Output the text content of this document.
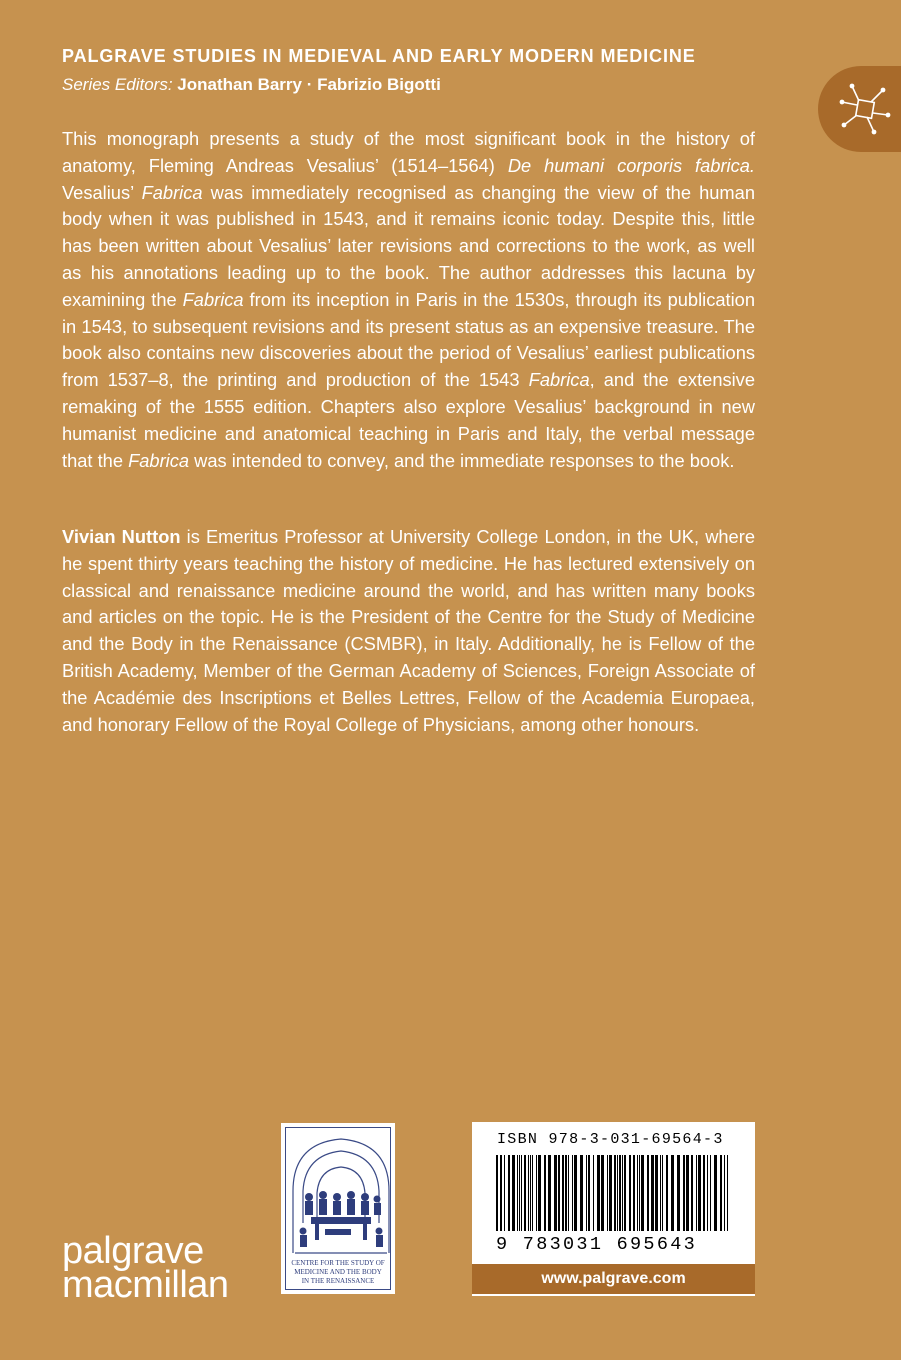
PALGRAVE STUDIES IN MEDIEVAL AND EARLY MODERN MEDICINE
Series Editors: Jonathan Barry · Fabrizio Bigotti

This monograph presents a study of the most significant book in the history of anatomy, Fleming Andreas Vesalius’ (1514–1564) De humani corporis fabrica. Vesalius’ Fabrica was immediately recognised as changing the view of the human body when it was published in 1543, and it remains iconic today. Despite this, little has been written about Vesalius’ later revisions and corrections to the work, as well as his annotations leading up to the book. The author addresses this lacuna by examining the Fabrica from its inception in Paris in the 1530s, through its publication in 1543, to subsequent revisions and its present status as an expensive treasure. The book also contains new discoveries about the period of Vesalius’ earliest publications from 1537–8, the printing and production of the 1543 Fabrica, and the extensive remaking of the 1555 edition. Chapters also explore Vesalius’ background in new humanist medicine and anatomical teaching in Paris and Italy, the verbal message that the Fabrica was intended to convey, and the immediate responses to the book.

Vivian Nutton is Emeritus Professor at University College London, in the UK, where he spent thirty years teaching the history of medicine. He has lectured extensively on classical and renaissance medicine around the world, and has written many books and articles on the topic. He is the President of the Centre for the Study of Medicine and the Body in the Renaissance (CSMBR), in Italy. Additionally, he is Fellow of the British Academy, Member of the German Academy of Sciences, Foreign Associate of the Académie des Inscriptions et Belles Lettres, Fellow of the Academia Europaea, and honorary Fellow of the Royal College of Physicians, among other honours.

palgrave
macmillan
CENTRE FOR THE STUDY OF
MEDICINE AND THE BODY
IN THE RENAISSANCE
ISBN 978-3-031-69564-3
9 783031 695643
www.palgrave.com
